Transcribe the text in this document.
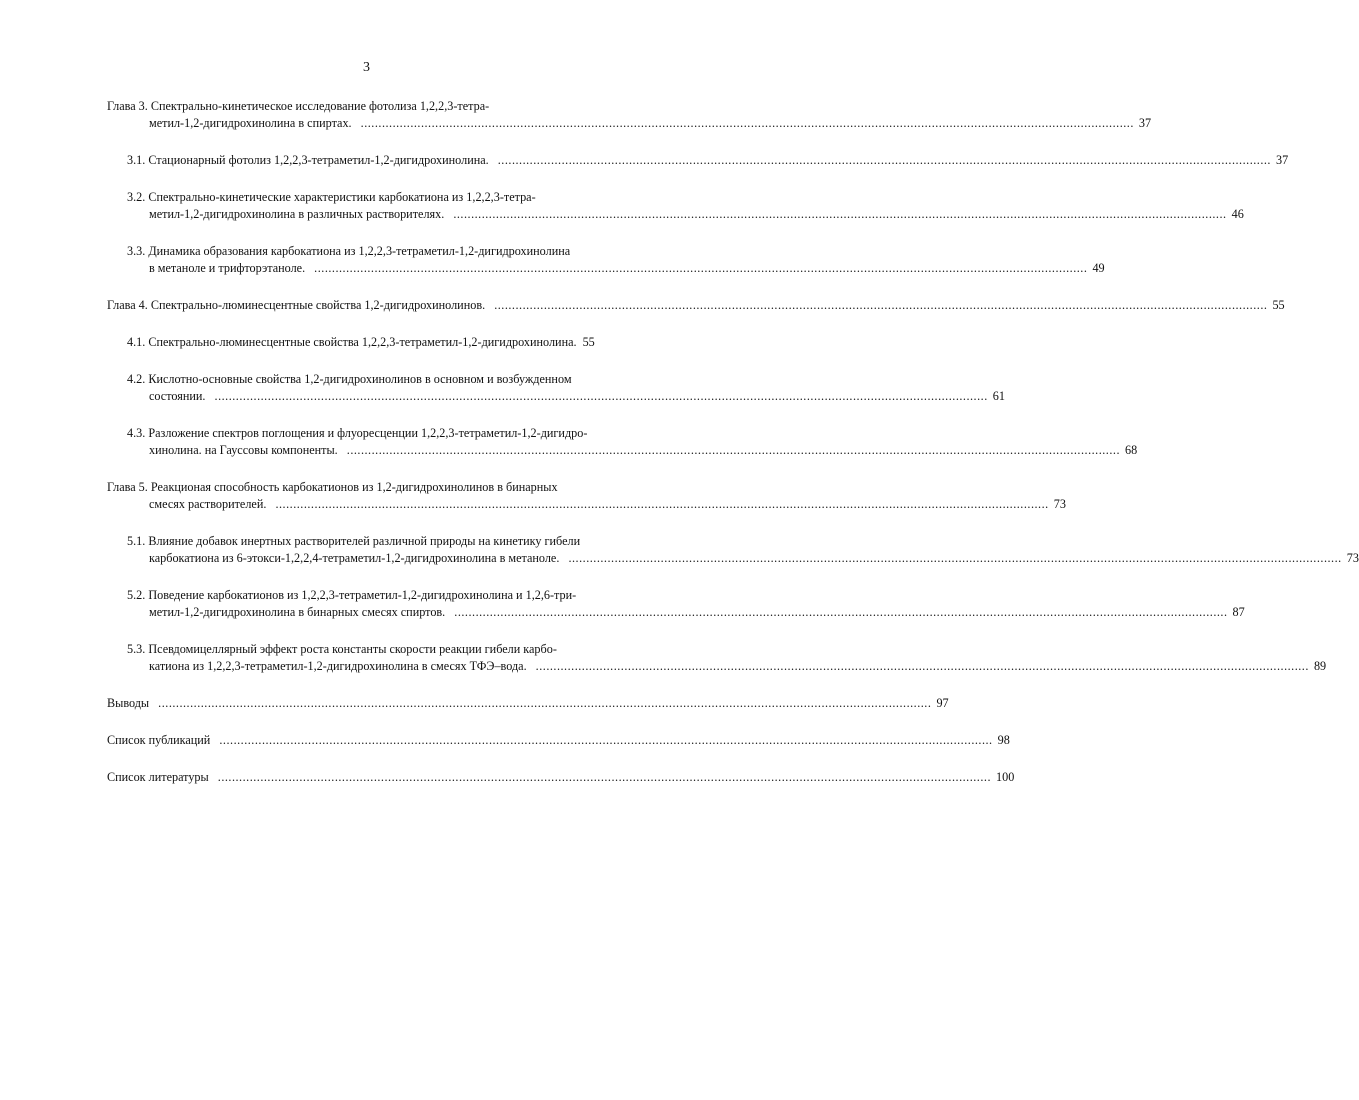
3
Глава 3. Спектрально-кинетическое исследование фотолиза 1,2,2,3-тетра-
метил-1,2-дигидрохинолина в спиртах. .....	37
3.1. Стационарный фотолиз 1,2,2,3-тетраметил-1,2-дигидрохинолина. .....	37
3.2. Спектрально-кинетические характеристики карбокатиона из 1,2,2,3-тетра-
метил-1,2-дигидрохинолина в различных растворителях. .....	46
3.3. Динамика образования карбокатиона из 1,2,2,3-тетраметил-1,2-дигидрохинолина
в метаноле и трифторэтаноле. .....	49
Глава 4. Спектрально-люминесцентные свойства 1,2-дигидрохинолинов. .....	55
4.1. Спектрально-люминесцентные свойства 1,2,2,3-тетраметил-1,2-дигидрохинолина. 55
4.2. Кислотно-основные свойства 1,2-дигидрохинолинов в основном и возбужденном
состоянии. .....	61
4.3. Разложение спектров поглощения и флуоресценции 1,2,2,3-тетраметил-1,2-дигидро-
хинолина. на Гауссовы компоненты. .....	68
Глава 5. Реакционая способность карбокатионов из 1,2-дигидрохинолинов в бинарных
смесях растворителей. .....	73
5.1. Влияние добавок инертных растворителей различной природы на кинетику гибели
карбокатиона из 6-этокси-1,2,2,4-тетраметил-1,2-дигидрохинолина в метаноле. .....	73
5.2. Поведение карбокатионов из 1,2,2,3-тетраметил-1,2-дигидрохинолина и 1,2,6-три-
метил-1,2-дигидрохинолина в бинарных смесях спиртов. .....	87
5.3. Псевдомицеллярный эффект роста константы скорости реакции гибели карбо-
катиона из 1,2,2,3-тетраметил-1,2-дигидрохинолина в смесях ТФЭ–вода. .....	89
Выводы .....	97
Список публикаций .....	98
Список литературы .....	100
